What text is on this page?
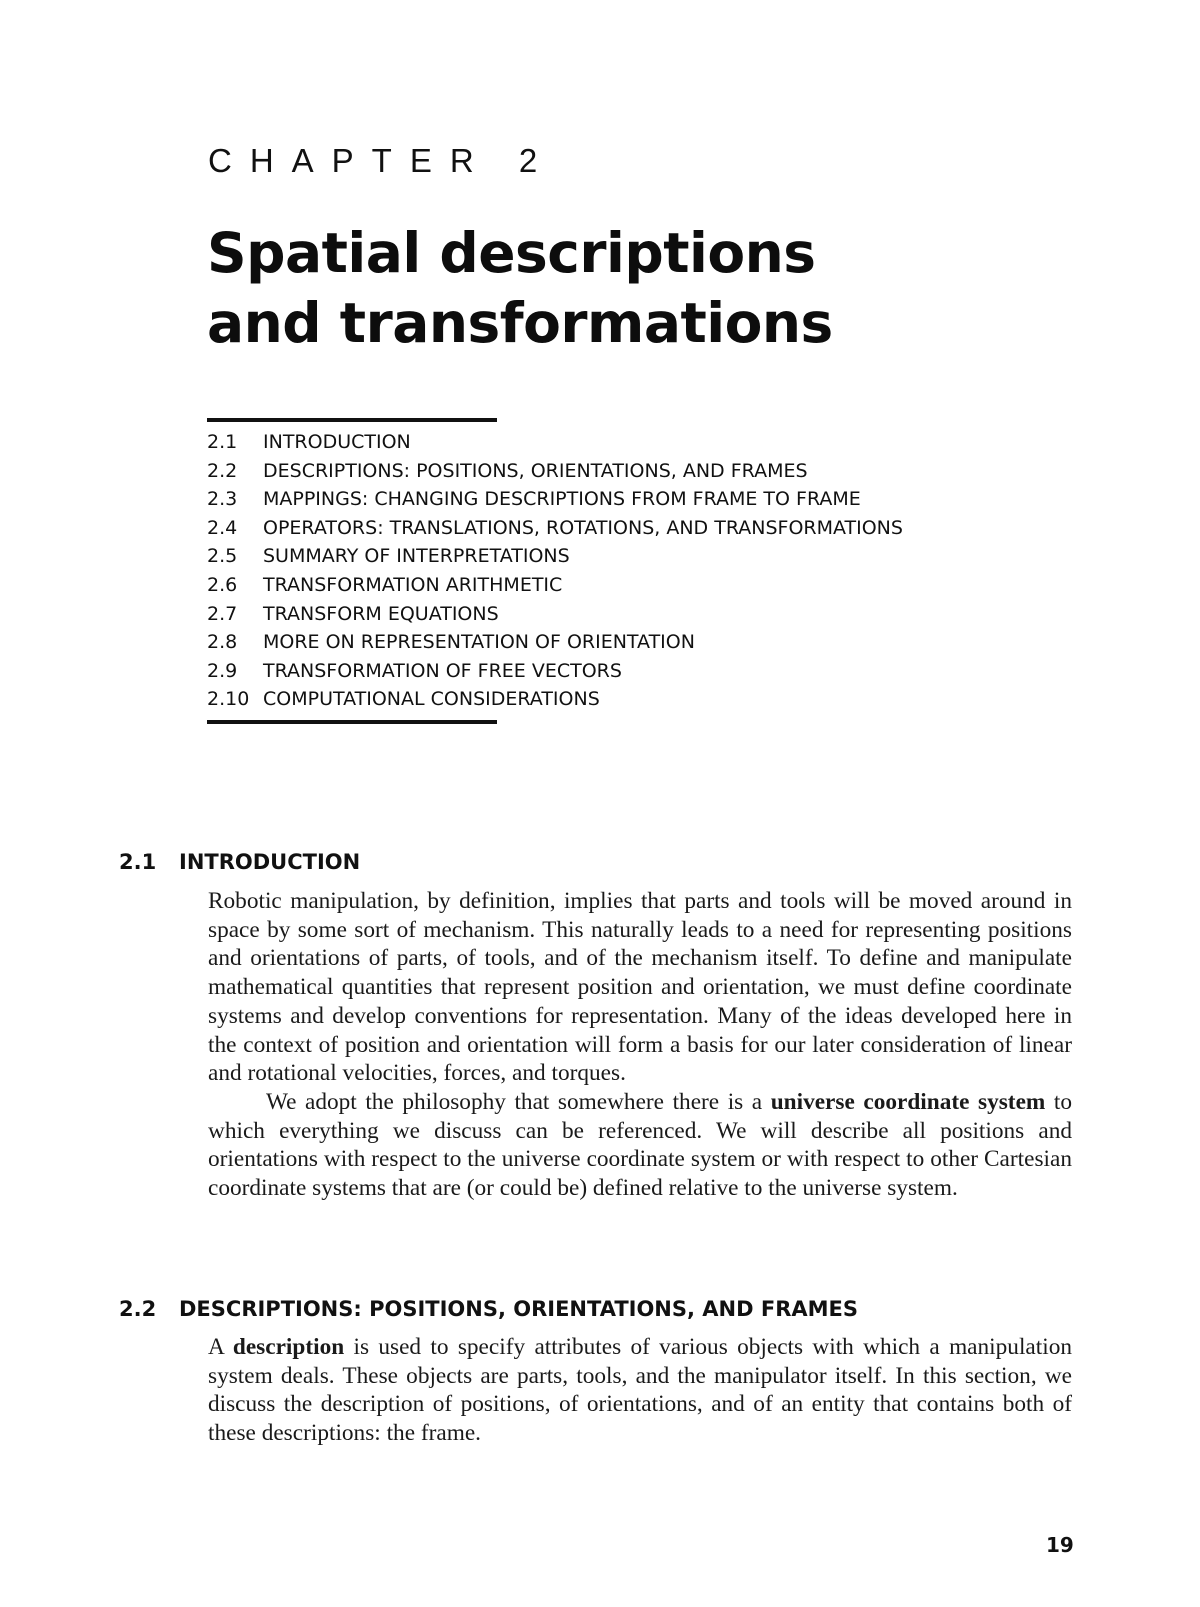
CHAPTER 2
Spatial descriptions
and transformations
2.1	INTRODUCTION
2.2	DESCRIPTIONS: POSITIONS, ORIENTATIONS, AND FRAMES
2.3	MAPPINGS: CHANGING DESCRIPTIONS FROM FRAME TO FRAME
2.4	OPERATORS: TRANSLATIONS, ROTATIONS, AND TRANSFORMATIONS
2.5	SUMMARY OF INTERPRETATIONS
2.6	TRANSFORMATION ARITHMETIC
2.7	TRANSFORM EQUATIONS
2.8	MORE ON REPRESENTATION OF ORIENTATION
2.9	TRANSFORMATION OF FREE VECTORS
2.10 COMPUTATIONAL CONSIDERATIONS
2.1	INTRODUCTION

Robotic manipulation, by definition, implies that parts and tools will be moved around in space by some sort of mechanism. This naturally leads to a need for representing positions and orientations of parts, of tools, and of the mechanism itself. To define and manipulate mathematical quantities that represent position and orientation, we must define coordinate systems and develop conventions for representation. Many of the ideas developed here in the context of position and orientation will form a basis for our later consideration of linear and rotational velocities, forces, and torques.

We adopt the philosophy that somewhere there is a universe coordinate system to which everything we discuss can be referenced. We will describe all positions and orientations with respect to the universe coordinate system or with respect to other Cartesian coordinate systems that are (or could be) defined relative to the universe system.

2.2	DESCRIPTIONS: POSITIONS, ORIENTATIONS, AND FRAMES

A description is used to specify attributes of various objects with which a manipulation system deals. These objects are parts, tools, and the manipulator itself. In this section, we discuss the description of positions, of orientations, and of an entity that contains both of these descriptions: the frame.

19
